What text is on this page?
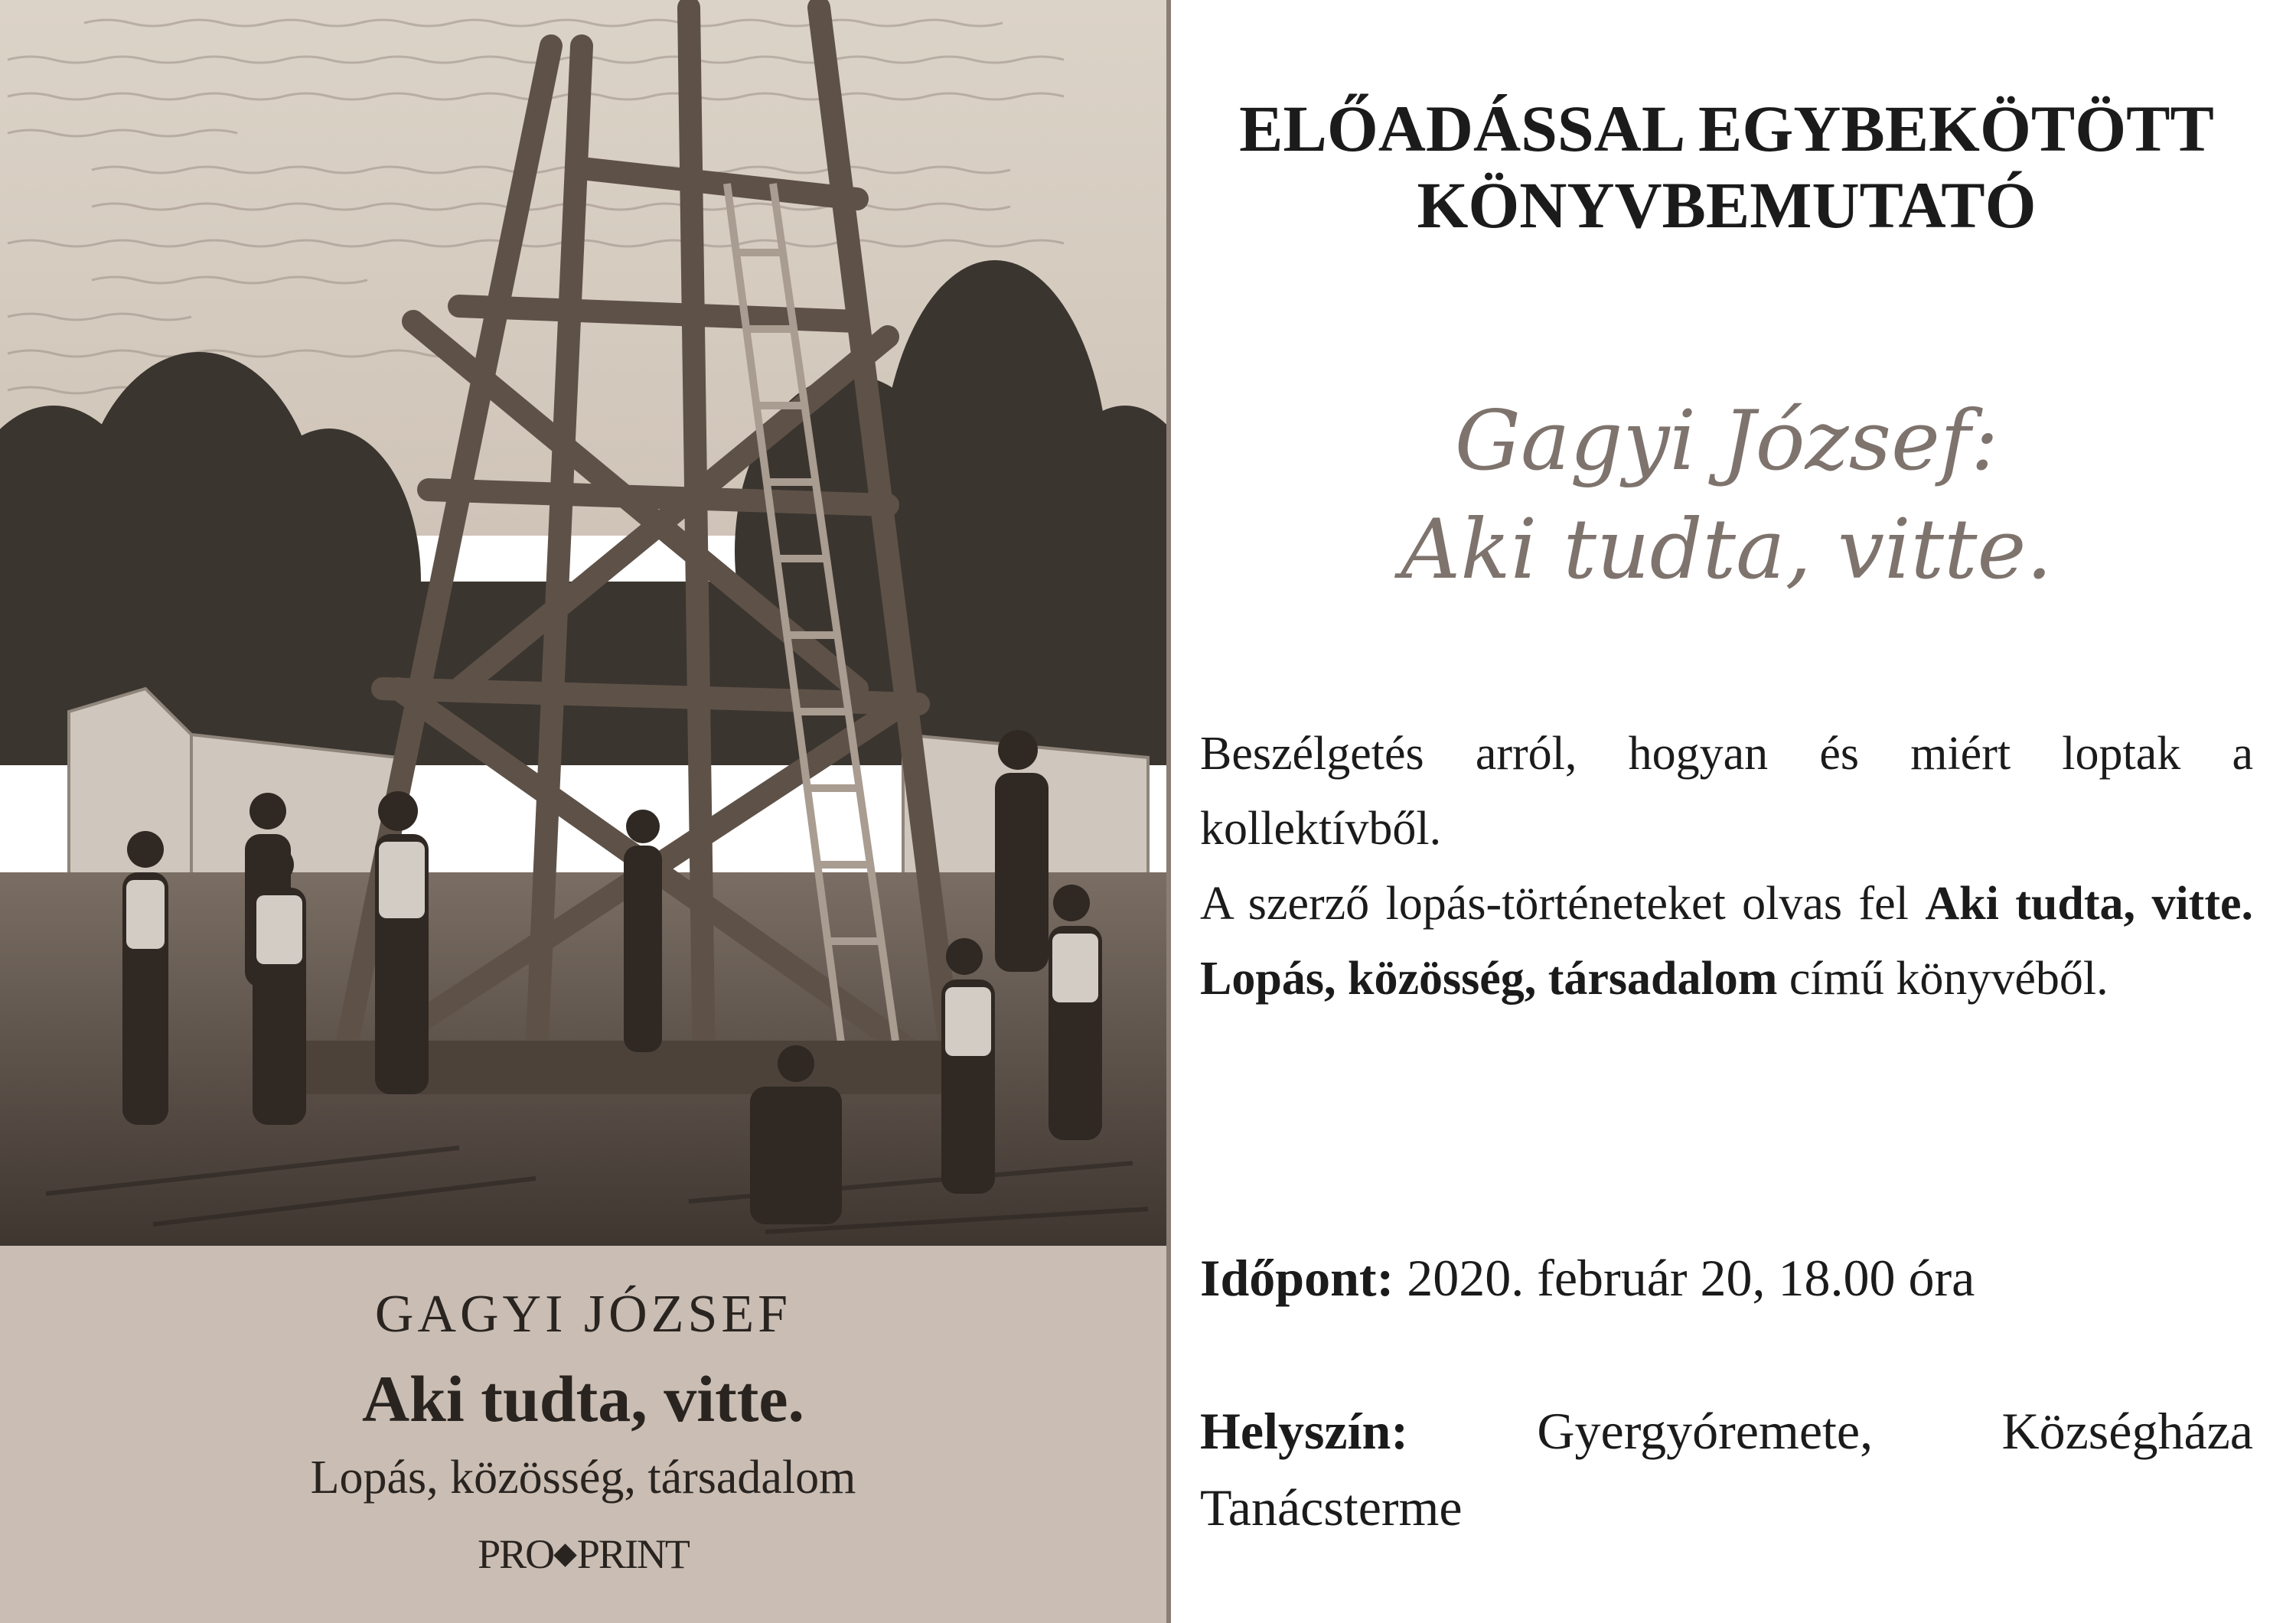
GAGYI JÓZSEF
Aki tudta, vitte.
Lopás, közösség, társadalom
PRO◆PRINT
ELŐADÁSSAL EGYBEKÖTÖTT
KÖNYVBEMUTATÓ
Gagyi József:
Aki tudta, vitte.
Beszélgetés arról, hogyan és miért loptak a kollektívből.
A szerző lopás-történeteket olvas fel Aki tudta, vitte. Lopás, közösség, társadalom című könyvéből.
Időpont: 2020. február 20, 18.00 óra
Helyszín: Gyergyóremete, Községháza Tanácsterme
